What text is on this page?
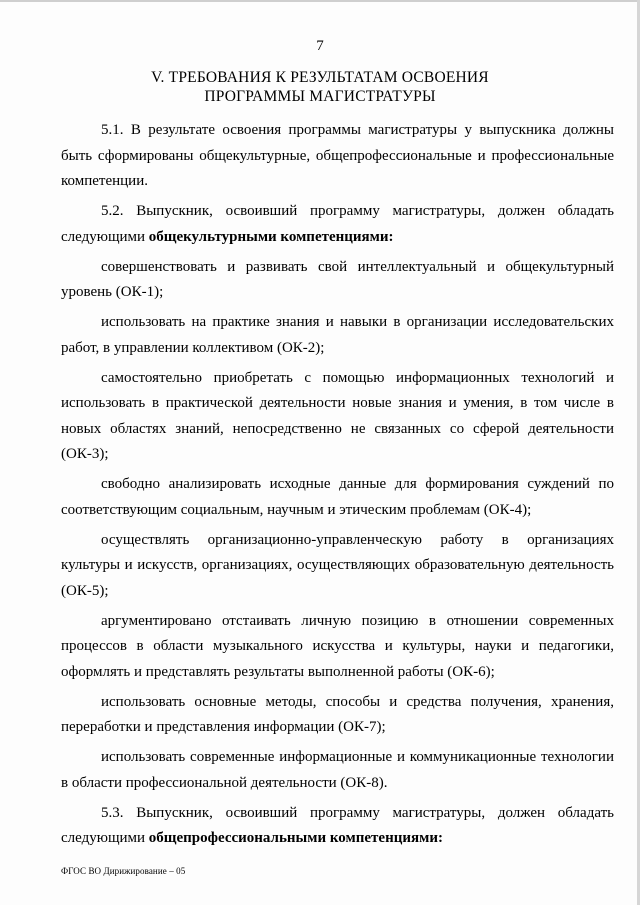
7
V. ТРЕБОВАНИЯ К РЕЗУЛЬТАТАМ ОСВОЕНИЯ
ПРОГРАММЫ МАГИСТРАТУРЫ

5.1. В результате освоения программы магистратуры у выпускника должны быть сформированы общекультурные, общепрофессиональные и профессиональные компетенции.

5.2. Выпускник, освоивший программу магистратуры, должен обладать следующими общекультурными компетенциями:

совершенствовать и развивать свой интеллектуальный и общекультурный уровень (ОК-1);

использовать на практике знания и навыки в организации исследовательских работ, в управлении коллективом (ОК-2);

самостоятельно приобретать с помощью информационных технологий и использовать в практической деятельности новые знания и умения, в том числе в новых областях знаний, непосредственно не связанных со сферой деятельности (ОК-3);

свободно анализировать исходные данные для формирования суждений по соответствующим социальным, научным и этическим проблемам (ОК-4);

осуществлять организационно-управленческую работу в организациях культуры и искусств, организациях, осуществляющих образовательную деятельность (ОК-5);

аргументировано отстаивать личную позицию в отношении современных процессов в области музыкального искусства и культуры, науки и педагогики, оформлять и представлять результаты выполненной работы (ОК-6);

использовать основные методы, способы и средства получения, хранения, переработки и представления информации (ОК-7);

использовать современные информационные и коммуникационные технологии в области профессиональной деятельности (ОК-8).

5.3. Выпускник, освоивший программу магистратуры, должен обладать следующими общепрофессиональными компетенциями:

ФГОС ВО Дирижирование – 05
